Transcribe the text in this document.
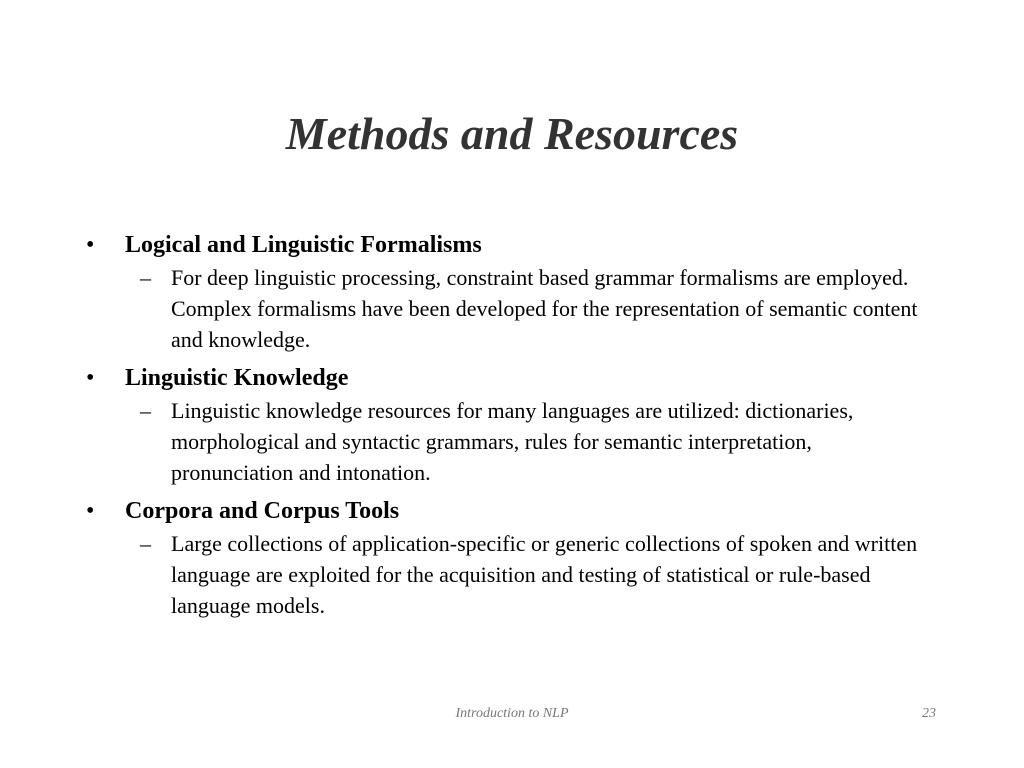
Methods and Resources
• Logical and Linguistic Formalisms
– For deep linguistic processing, constraint based grammar formalisms are employed. Complex formalisms have been developed for the representation of semantic content and knowledge.
• Linguistic Knowledge
– Linguistic knowledge resources for many languages are utilized: dictionaries, morphological and syntactic grammars, rules for semantic interpretation, pronunciation and intonation.
• Corpora and Corpus Tools
– Large collections of application-specific or generic collections of spoken and written language are exploited for the acquisition and testing of statistical or rule-based language models.
Introduction to NLP	23
